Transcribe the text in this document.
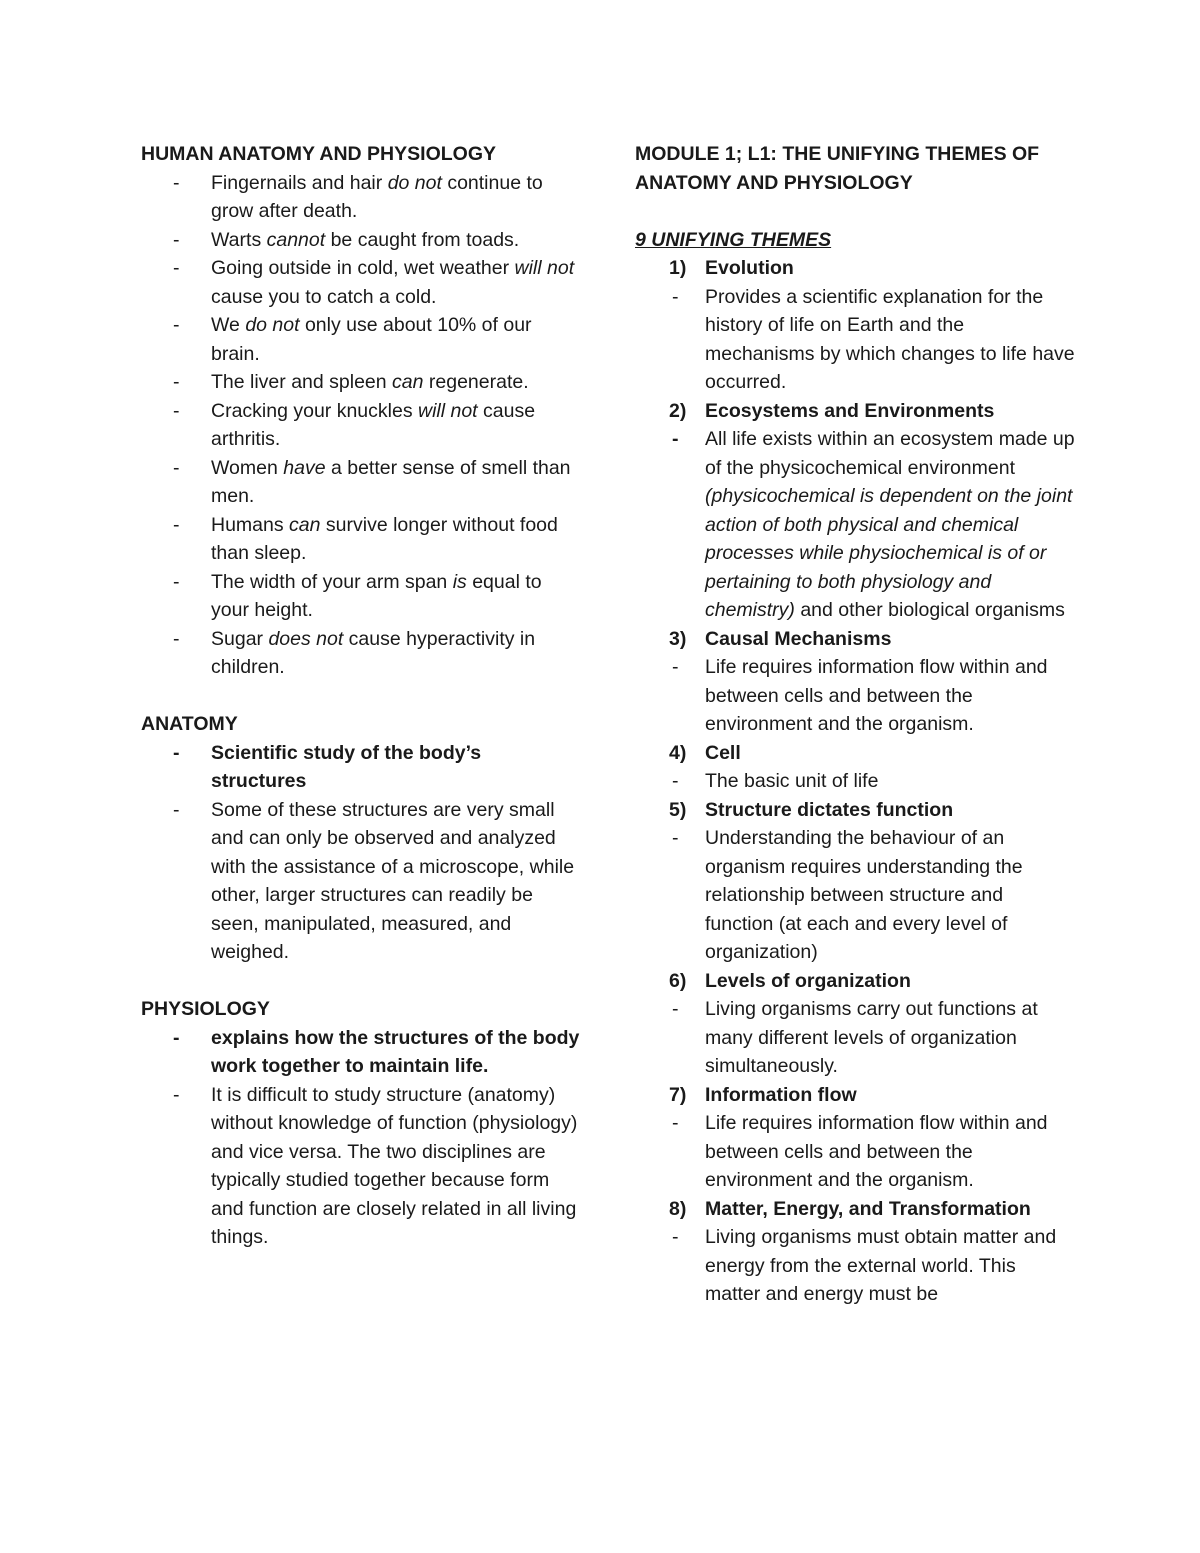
HUMAN ANATOMY AND PHYSIOLOGY

- Fingernails and hair do not continue to grow after death.
- Warts cannot be caught from toads.
- Going outside in cold, wet weather will not cause you to catch a cold.
- We do not only use about 10% of our brain.
- The liver and spleen can regenerate.
- Cracking your knuckles will not cause arthritis.
- Women have a better sense of smell than men.
- Humans can survive longer without food than sleep.
- The width of your arm span is equal to your height.
- Sugar does not cause hyperactivity in children.

ANATOMY

- Scientific study of the body’s structures
- Some of these structures are very small and can only be observed and analyzed with the assistance of a microscope, while other, larger structures can readily be seen, manipulated, measured, and weighed.

PHYSIOLOGY

- explains how the structures of the body work together to maintain life.
- It is difficult to study structure (anatomy) without knowledge of function (physiology) and vice versa. The two disciplines are typically studied together because form and function are closely related in all living things.

MODULE 1; L1: THE UNIFYING THEMES OF ANATOMY AND PHYSIOLOGY

9 UNIFYING THEMES

1) Evolution
- Provides a scientific explanation for the history of life on Earth and the mechanisms by which changes to life have occurred.
2) Ecosystems and Environments
- All life exists within an ecosystem made up of the physicochemical environment (physicochemical is dependent on the joint action of both physical and chemical processes while physiochemical is of or pertaining to both physiology and chemistry) and other biological organisms
3) Causal Mechanisms
- Life requires information flow within and between cells and between the environment and the organism.
4) Cell
- The basic unit of life
5) Structure dictates function
- Understanding the behaviour of an organism requires understanding the relationship between structure and function (at each and every level of organization)
6) Levels of organization
- Living organisms carry out functions at many different levels of organization simultaneously.
7) Information flow
- Life requires information flow within and between cells and between the environment and the organism.
8) Matter, Energy, and Transformation
- Living organisms must obtain matter and energy from the external world. This matter and energy must be
